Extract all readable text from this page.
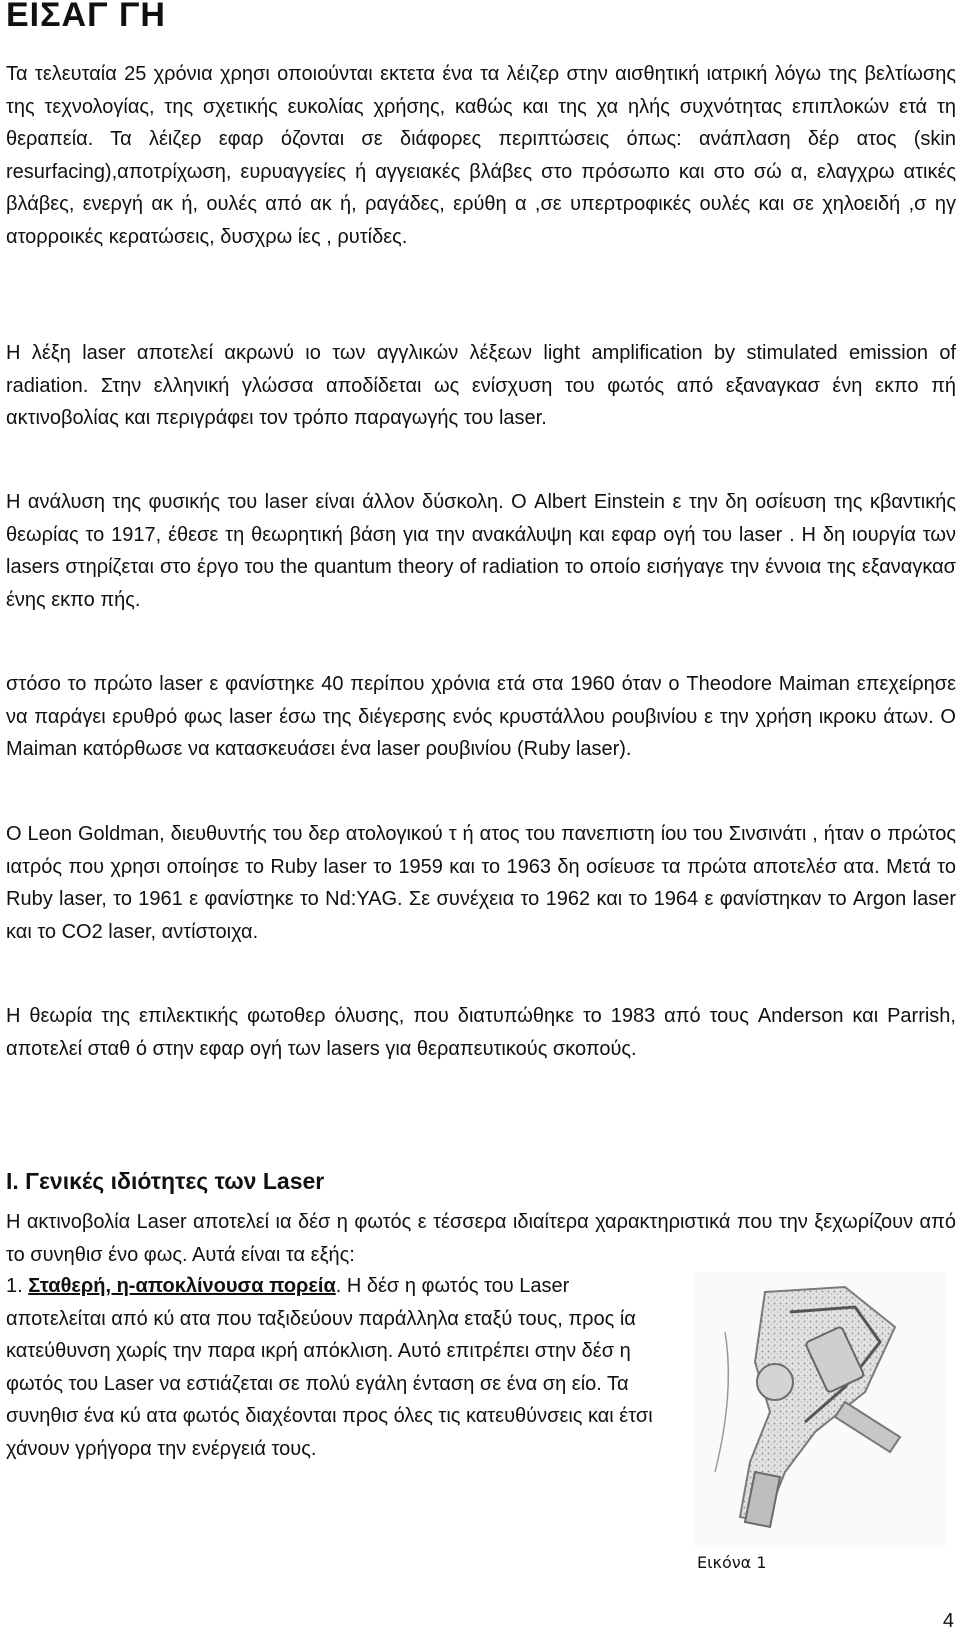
ΕΙΣΑΓ ΓΗ

Τα τελευταία 25 χρόνια χρησι οποιούνται εκτετα ένα τα λέιζερ στην αισθητική ιατρική λόγω της βελτίωσης της τεχνολογίας, της σχετικής ευκολίας χρήσης, καθώς και της χα ηλής συχνότητας επιπλοκών ετά τη θεραπεία. Τα λέιζερ εφαρ όζονται σε διάφορες περιπτώσεις όπως: ανάπλαση δέρ ατος (skin resurfacing),αποτρίχωση, ευρυαγγείες ή αγγειακές βλάβες στο πρόσωπο και στο σώ α, ελαγχρω ατικές βλάβες, ενεργή ακ ή, ουλές από ακ ή, ραγάδες, ερύθη α ,σε υπερτροφικές ουλές και σε χηλοειδή ,σ ηγ ατορροικές κερατώσεις, δυσχρω ίες , ρυτίδες.

Η λέξη laser αποτελεί ακρωνύ ιο των αγγλικών λέξεων light amplification by stimulated emission of radiation. Στην ελληνική γλώσσα αποδίδεται ως ενίσχυση του φωτός από εξαναγκασ ένη εκπο πή ακτινοβολίας και περιγράφει τον τρόπο παραγωγής του laser.

Η ανάλυση της φυσικής του laser είναι άλλον δύσκολη. Ο Albert Einstein ε την δη οσίευση της κβαντικής θεωρίας το 1917, έθεσε τη θεωρητική βάση για την ανακάλυψη και εφαρ ογή του laser . Η δη ιουργία των lasers στηρίζεται στο έργο του the quantum theory of radiation το οποίο εισήγαγε την έννοια της εξαναγκασ ένης εκπο πής.

στόσο το πρώτο laser ε φανίστηκε 40 περίπου χρόνια ετά στα 1960 όταν ο Theodore Maiman επεχείρησε να παράγει ερυθρό φως laser έσω της διέγερσης ενός κρυστάλλου ρουβινίου ε την χρήση ικροκυ άτων. Ο Maiman κατόρθωσε να κατασκευάσει ένα laser ρουβινίου (Ruby laser).

Ο Leon Goldman, διευθυντής του δερ ατολογικού τ ή ατος του πανεπιστη ίου του Σινσινάτι , ήταν ο πρώτος ιατρός που χρησι οποίησε το Ruby laser το 1959 και το 1963 δη οσίευσε τα πρώτα αποτελέσ ατα. Μετά το Ruby laser, το 1961 ε φανίστηκε το Nd:YAG. Σε συνέχεια το 1962 και το 1964 ε φανίστηκαν το Argon laser και το CO2 laser, αντίστοιχα.

Η θεωρία της επιλεκτικής φωτοθερ όλυσης, που διατυπώθηκε το 1983 από τους Anderson και Parrish, αποτελεί σταθ ό στην εφαρ ογή των lasers για θεραπευτικούς σκοπούς.

Ι. Γενικές ιδιότητες των Laser

Η ακτινοβολία Laser αποτελεί ια δέσ η φωτός ε τέσσερα ιδιαίτερα χαρακτηριστικά που την ξεχωρίζουν από το συνηθισ ένο φως. Αυτά είναι τα εξής:

1. Σταθερή, η-αποκλίνουσα πορεία. Η δέσ η φωτός του Laser αποτελείται από κύ ατα που ταξιδεύουν παράλληλα εταξύ τους, προς ία κατεύθυνση χωρίς την παρα ικρή απόκλιση. Αυτό επιτρέπει στην δέσ η φωτός του Laser να εστιάζεται σε πολύ εγάλη ένταση σε ένα ση είο. Τα συνηθισ ένα κύ ατα φωτός διαχέονται προς όλες τις κατευθύνσεις και έτσι χάνουν γρήγορα την ενέργειά τους.
Εικόνα 1
4
